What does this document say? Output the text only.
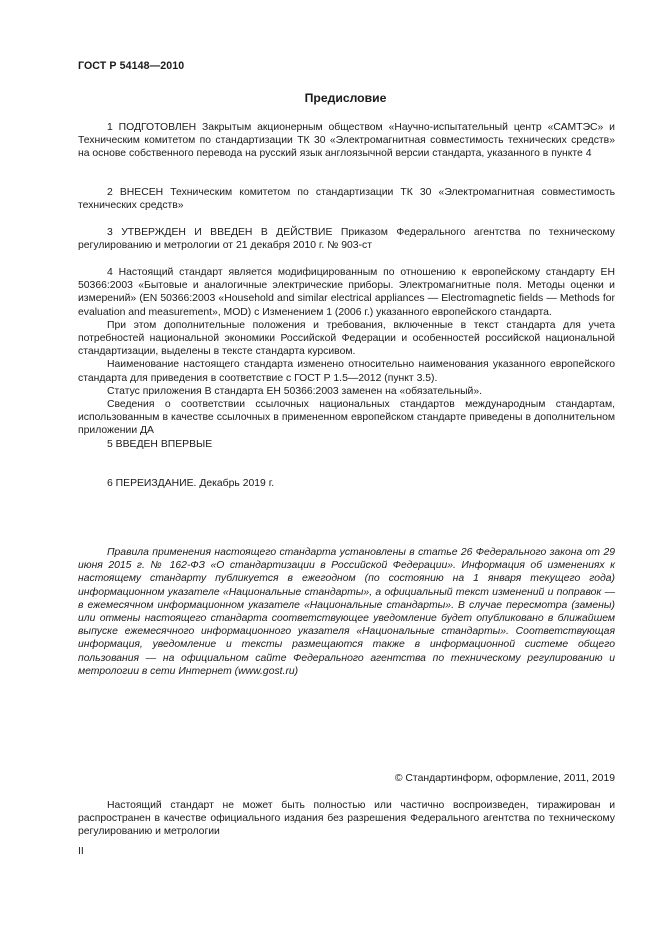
ГОСТ Р 54148—2010
Предисловие

1 ПОДГОТОВЛЕН Закрытым акционерным обществом «Научно-испытательный центр «САМТЭС» и Техническим комитетом по стандартизации ТК 30 «Электромагнитная совместимость технических средств» на основе собственного перевода на русский язык англоязычной версии стандарта, указанного в пункте 4

2 ВНЕСЕН Техническим комитетом по стандартизации ТК 30 «Электромагнитная совместимость технических средств»

3 УТВЕРЖДЕН И ВВЕДЕН В ДЕЙСТВИЕ Приказом Федерального агентства по техническому регулированию и метрологии от 21 декабря 2010 г. № 903-ст

4 Настоящий стандарт является модифицированным по отношению к европейскому стандарту ЕН 50366:2003 «Бытовые и аналогичные электрические приборы. Электромагнитные поля. Методы оценки и измерений» (EN 50366:2003 «Household and similar electrical appliances — Electromagnetic fields — Methods for evaluation and measurement», MOD) с Изменением 1 (2006 г.) указанного европейского стандарта.

При этом дополнительные положения и требования, включенные в текст стандарта для учета потребностей национальной экономики Российской Федерации и особенностей российской национальной стандартизации, выделены в тексте стандарта курсивом.

Наименование настоящего стандарта изменено относительно наименования указанного европейского стандарта для приведения в соответствие с ГОСТ Р 1.5—2012 (пункт 3.5).

Статус приложения В стандарта ЕН 50366:2003 заменен на «обязательный».

Сведения о соответствии ссылочных национальных стандартов международным стандартам, использованным в качестве ссылочных в примененном европейском стандарте приведены в дополнительном приложении ДА

5 ВВЕДЕН ВПЕРВЫЕ

6 ПЕРЕИЗДАНИЕ. Декабрь 2019 г.

Правила применения настоящего стандарта установлены в статье 26 Федерального закона от 29 июня 2015 г. № 162-ФЗ «О стандартизации в Российской Федерации». Информация об изменениях к настоящему стандарту публикуется в ежегодном (по состоянию на 1 января текущего года) информационном указателе «Национальные стандарты», а официальный текст изменений и поправок — в ежемесячном информационном указателе «Национальные стандарты». В случае пересмотра (замены) или отмены настоящего стандарта соответствующее уведомление будет опубликовано в ближайшем выпуске ежемесячного информационного указателя «Национальные стандарты». Соответствующая информация, уведомление и тексты размещаются также в информационной системе общего пользования — на официальном сайте Федерального агентства по техническому регулированию и метрологии в сети Интернет (www.gost.ru)

© Стандартинформ, оформление, 2011, 2019

Настоящий стандарт не может быть полностью или частично воспроизведен, тиражирован и распространен в качестве официального издания без разрешения Федерального агентства по техническому регулированию и метрологии

II
